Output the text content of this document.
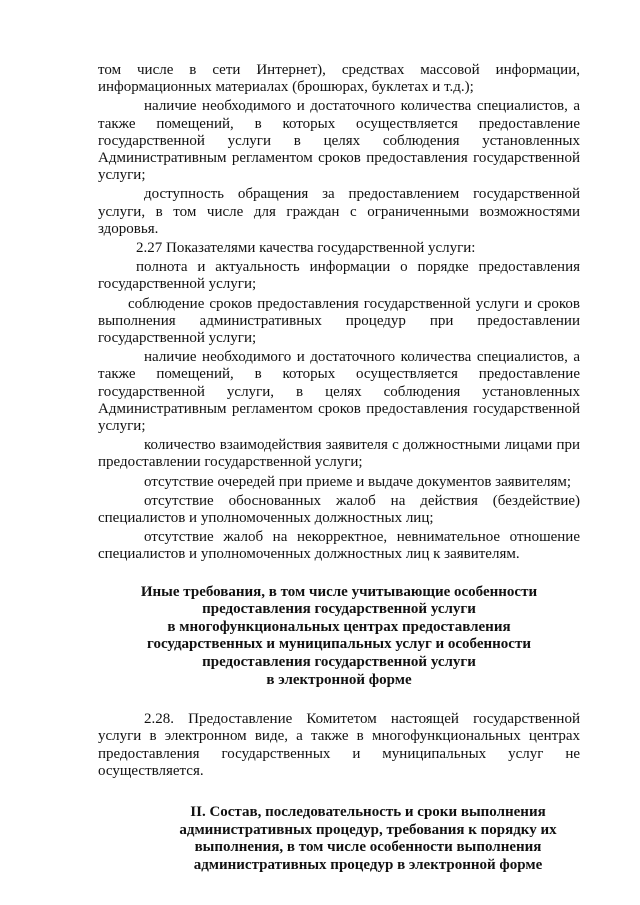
том числе в сети Интернет), средствах массовой информации, информационных материалах (брошюрах, буклетах и т.д.);

наличие необходимого и достаточного количества специалистов, а также помещений, в которых осуществляется предоставление государственной услуги в целях соблюдения установленных Административным регламентом сроков предоставления государственной услуги;

доступность обращения за предоставлением государственной услуги, в том числе для граждан с ограниченными возможностями здоровья.

2.27 Показателями качества государственной услуги:

полнота и актуальность информации о порядке предоставления государственной услуги;

соблюдение сроков предоставления государственной услуги и сроков выполнения административных процедур при предоставлении государственной услуги;

наличие необходимого и достаточного количества специалистов, а также помещений, в которых осуществляется предоставление государственной услуги, в целях соблюдения установленных Административным регламентом сроков предоставления государственной услуги;

количество взаимодействия заявителя с должностными лицами при предоставлении государственной услуги;

отсутствие очередей при приеме и выдаче документов заявителям;

отсутствие обоснованных жалоб на действия (бездействие) специалистов и уполномоченных должностных лиц;

отсутствие жалоб на некорректное, невнимательное отношение специалистов и уполномоченных должностных лиц к заявителям.

Иные требования, в том числе учитывающие особенности
предоставления государственной услуги
в многофункциональных центрах предоставления
государственных и муниципальных услуг и особенности
предоставления государственной услуги
в электронной форме

2.28. Предоставление Комитетом настоящей государственной услуги в электронном виде, а также в многофункциональных центрах предоставления государственных и муниципальных услуг не осуществляется.

II. Состав, последовательность и сроки выполнения
административных процедур, требования к порядку их
выполнения, в том числе особенности выполнения
административных процедур в электронной форме
